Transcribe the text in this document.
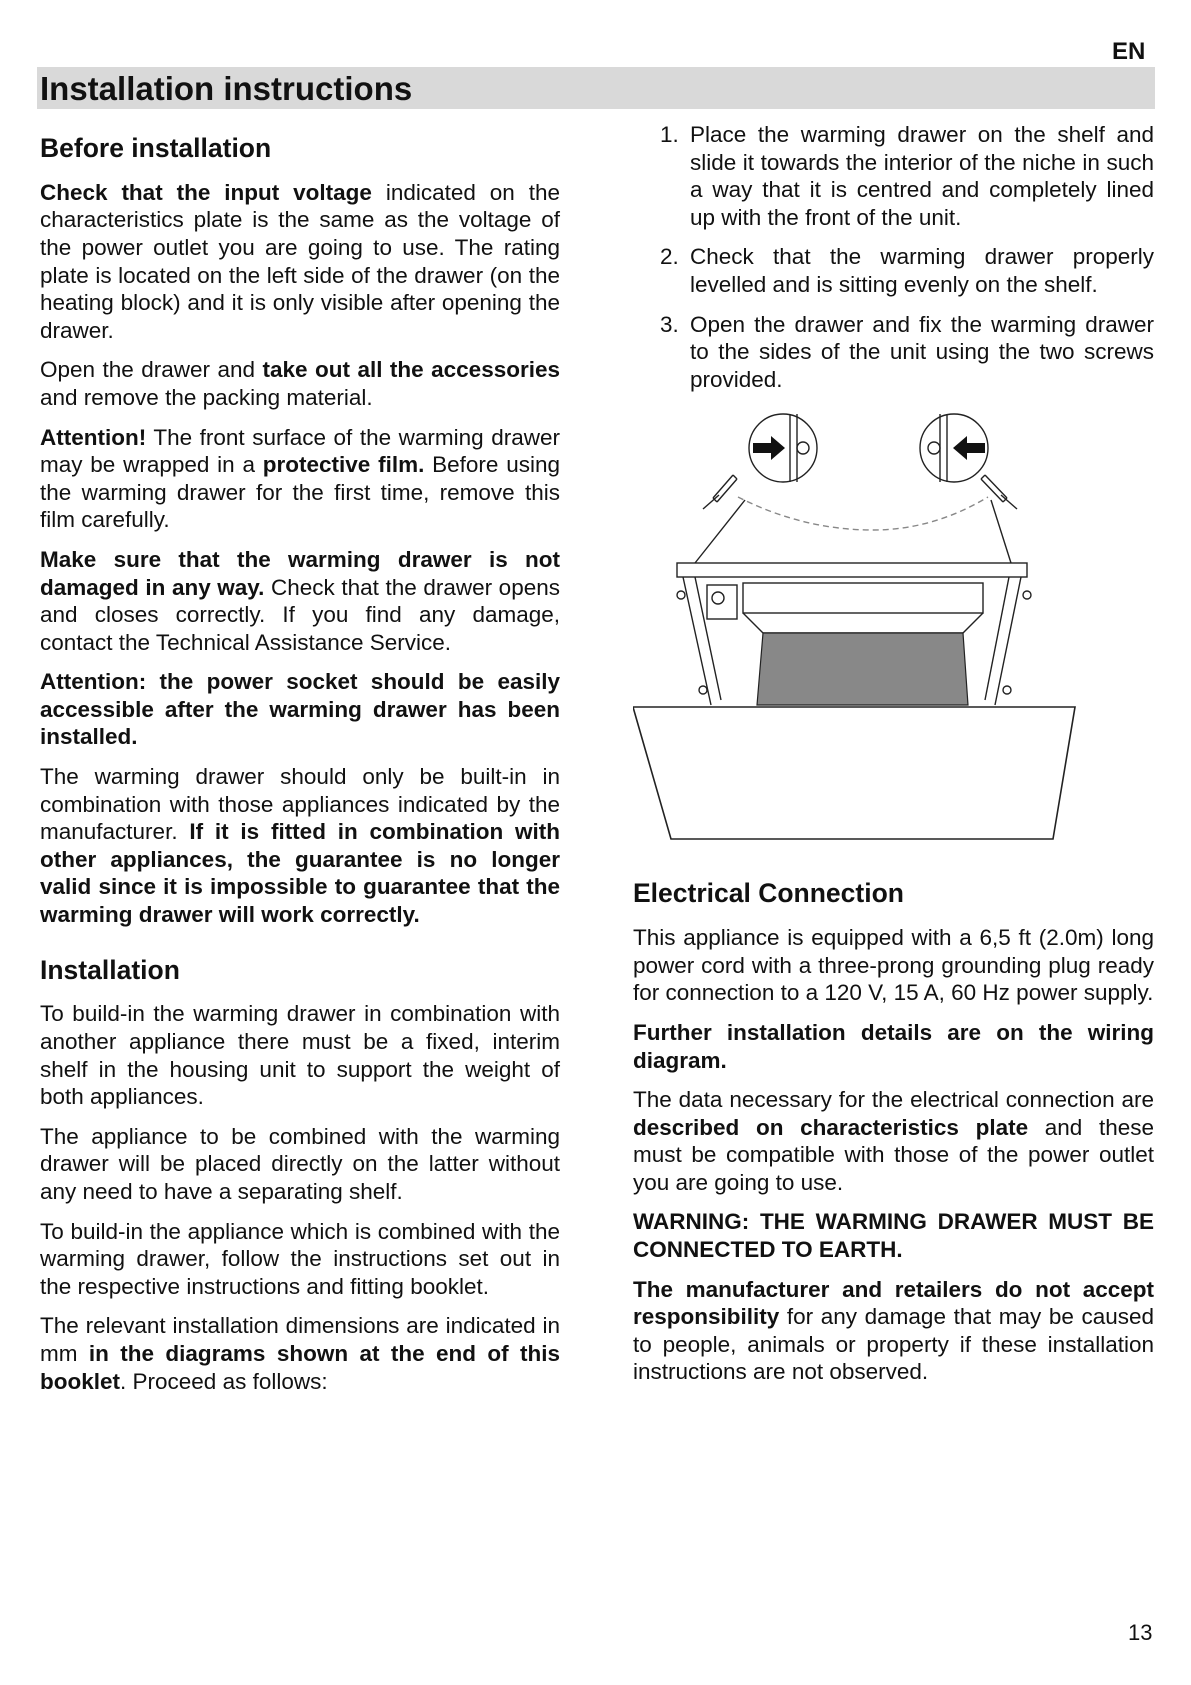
EN
Installation instructions
Before installation

Check that the input voltage indicated on the characteristics plate is the same as the voltage of the power outlet you are going to use. The rating plate is located on the left side of the drawer (on the heating block) and it is only visible after opening the drawer.

Open the drawer and take out all the accessories and remove the packing material.

Attention! The front surface of the warming drawer may be wrapped in a protective film. Before using the warming drawer for the first time, remove this film carefully.

Make sure that the warming drawer is not damaged in any way. Check that the drawer opens and closes correctly. If you find any damage, contact the Technical Assistance Service.

Attention: the power socket should be easily accessible after the warming drawer has been installed.

The warming drawer should only be built-in in combination with those appliances indicated by the manufacturer. If it is fitted in combination with other appliances, the guarantee is no longer valid since it is impossible to guarantee that the warming drawer will work correctly.

Installation

To build-in the warming drawer in combination with another appliance there must be a fixed, interim shelf in the housing unit to support the weight of both appliances.

The appliance to be combined with the warming drawer will be placed directly on the latter without any need to have a separating shelf.

To build-in the appliance which is combined with the warming drawer, follow the instructions set out in the respective instructions and fitting booklet.

The relevant installation dimensions are indicated in mm in the diagrams shown at the end of this booklet. Proceed as follows:

1. Place the warming drawer on the shelf and slide it towards the interior of the niche in such a way that it is centred and completely lined up with the front of the unit.
2. Check that the warming drawer properly levelled and is sitting evenly on the shelf.
3. Open the drawer and fix the warming drawer to the sides of the unit using the two screws provided.
Electrical Connection

This appliance is equipped with a 6,5 ft (2.0m) long power cord with a three-prong grounding plug ready for connection to a 120 V, 15 A, 60 Hz power supply.

Further installation details are on the wiring diagram.

The data necessary for the electrical connection are described on characteristics plate and these must be compatible with those of the power outlet you are going to use.

WARNING: THE WARMING DRAWER MUST BE CONNECTED TO EARTH.

The manufacturer and retailers do not accept responsibility for any damage that may be caused to people, animals or property if these installation instructions are not observed.

13
